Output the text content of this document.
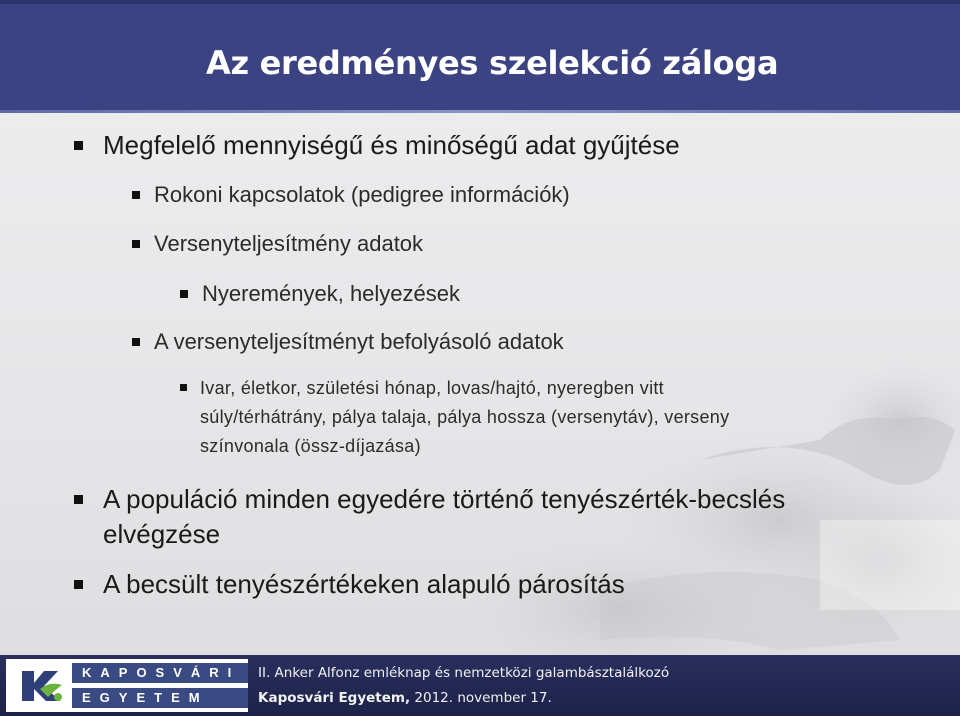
Az eredményes szelekció záloga
Megfelelő mennyiségű és minőségű adat gyűjtése
Rokoni kapcsolatok (pedigree információk)
Versenyteljesítmény adatok
Nyeremények, helyezések
A versenyteljesítményt befolyásoló adatok
Ivar, életkor, születési hónap, lovas/hajtó, nyeregben vitt
súly/térhátrány, pálya talaja, pálya hossza (versenytáv), verseny
színvonala (össz-díjazása)
A populáció minden egyedére történő tenyészérték-becslés
elvégzése
A becsült tenyészértékeken alapuló párosítás
KAPOSVÁRI
EGYETEM
II. Anker Alfonz emléknap és nemzetközi galambásztalálkozó
Kaposvári Egyetem, 2012. november 17.
